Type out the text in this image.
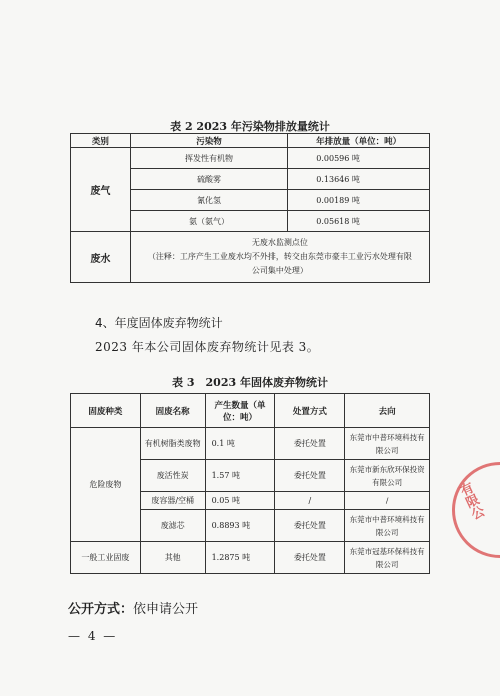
表 2 2023 年污染物排放量统计
类别	污染物	年排放量（单位：吨）
废气	挥发性有机物	0.00596 吨
	硫酸雾	0.13646 吨
	氰化氢	0.00189 吨
	氨（氨气）	0.05618 吨
废水	无废水监测点位
（注释：工序产生工业废水均不外排，转交由东莞市豪丰工业污水处理有限
公司集中处理）	
4、年度固体废弃物统计
2023 年本公司固体废弃物统计见表 3。
表 3　2023 年固体废弃物统计
固废种类	固废名称	产生数量（单位：吨）	处置方式	去向
危险废物	有机树脂类废物	0.1 吨	委托处置	东莞市中普环境科技有限公司
	废活性炭	1.57 吨	委托处置	东莞市新东欣环保投资有限公司
	废容器/空桶	0.05 吨	/	/
	废滤芯	0.8893 吨	委托处置	东莞市中普环境科技有限公司
一般工业固废	其他	1.2875 吨	委托处置	东莞市冠基环保科技有限公司
公开方式：依申请公开
— 4 —
有限公
